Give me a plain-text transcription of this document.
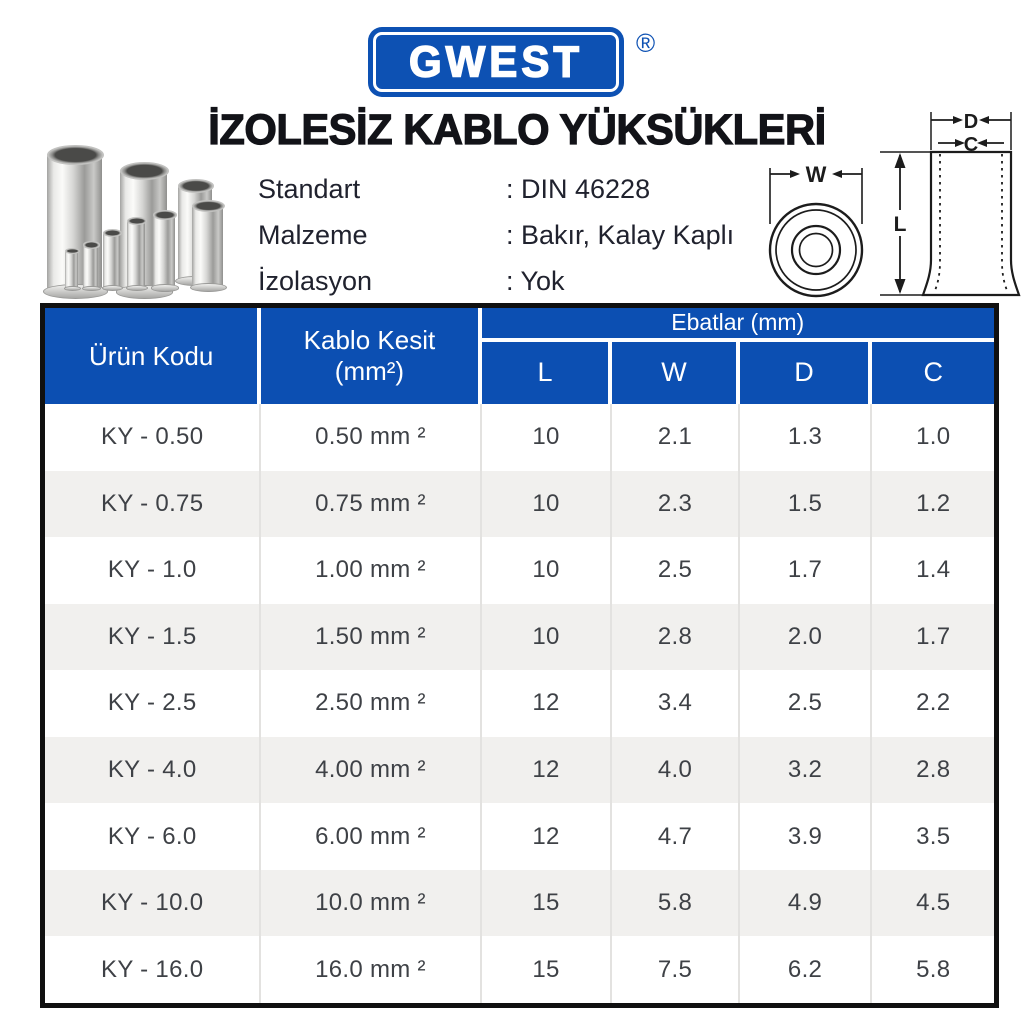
GWEST ®
İZOLESİZ KABLO YÜKSÜKLERİ
Standart	: DIN 46228
Malzeme	: Bakır, Kalay Kaplı
İzolasyon	: Yok
W
D
C
L
Ürün Kodu
Kablo Kesit
(mm²)
Ebatlar (mm)
L	W	D	C
KY - 0.50	0.50 mm ²	10	2.1	1.3	1.0
KY - 0.75	0.75 mm ²	10	2.3	1.5	1.2
KY - 1.0	1.00 mm ²	10	2.5	1.7	1.4
KY - 1.5	1.50 mm ²	10	2.8	2.0	1.7
KY - 2.5	2.50 mm ²	12	3.4	2.5	2.2
KY - 4.0	4.00 mm ²	12	4.0	3.2	2.8
KY - 6.0	6.00 mm ²	12	4.7	3.9	3.5
KY - 10.0	10.0 mm ²	15	5.8	4.9	4.5
KY - 16.0	16.0 mm ²	15	7.5	6.2	5.8
